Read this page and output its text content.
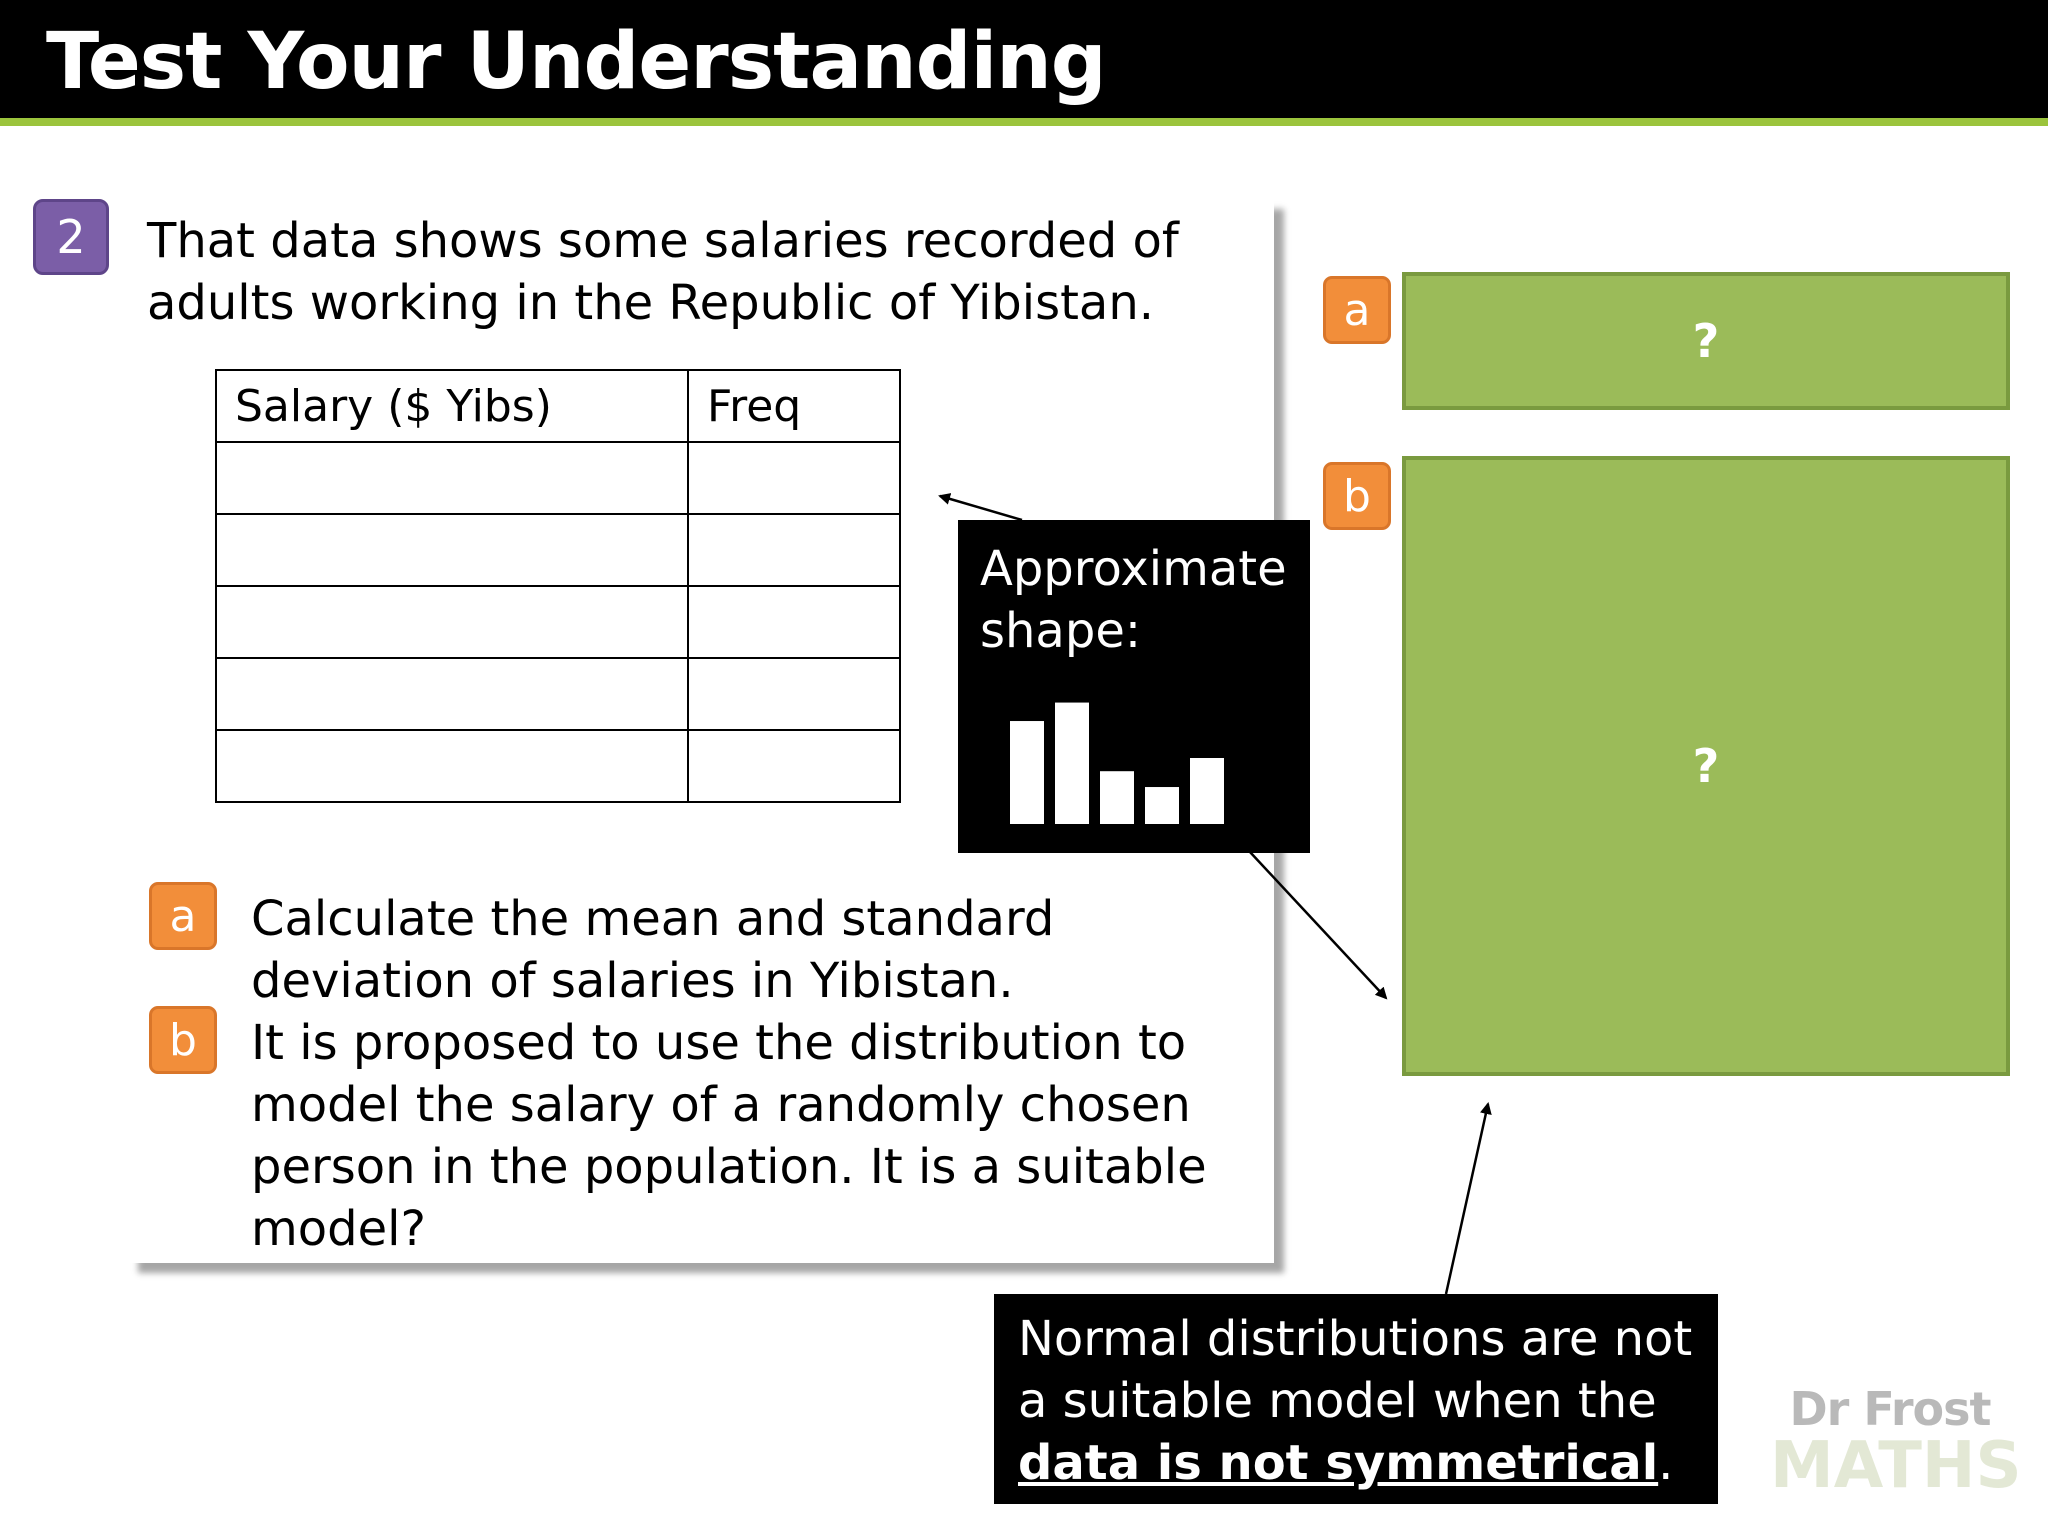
Test Your Understanding
2	That data shows some salaries recorded of adults working in the Republic of Yibistan.
Salary ($ Yibs)	Freq

a	Calculate the mean and standard deviation of salaries in Yibistan.
b	It is proposed to use the distribution to model the salary of a randomly chosen person in the population. It is a suitable model?
Approximate shape:
a
?
b
?
Normal distributions are not a suitable model when the data is not symmetrical.
Dr Frost
MATHS
